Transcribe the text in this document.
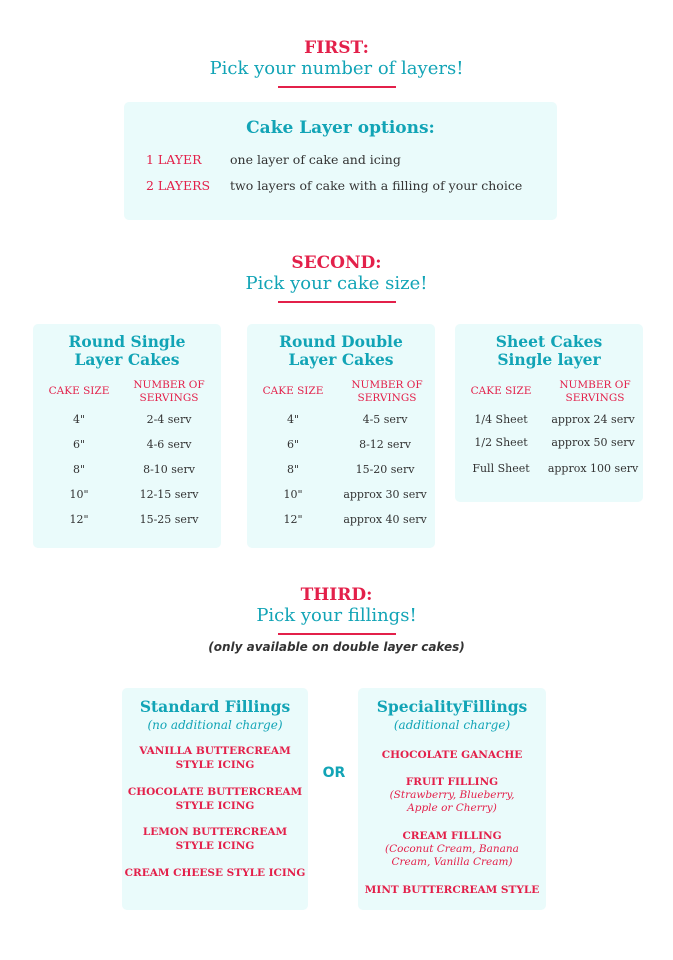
FIRST:
Pick your number of layers!
Cake Layer options:
1 LAYER one layer of cake and icing
2 LAYERS two layers of cake with a filling of your choice
SECOND:
Pick your cake size!
Round Single
Layer Cakes
CAKE SIZE	NUMBER OF
SERVINGS
4"	2-4 serv
6"	4-6 serv
8"	8-10 serv
10"	12-15 serv
12"	15-25 serv
Round Double
Layer Cakes
CAKE SIZE	NUMBER OF
SERVINGS
4"	4-5 serv
6"	8-12 serv
8"	15-20 serv
10"	approx 30 serv
12"	approx 40 serv
Sheet Cakes
Single layer
CAKE SIZE	NUMBER OF
SERVINGS
1/4 Sheet	approx 24 serv
1/2 Sheet	approx 50 serv
Full Sheet	approx 100 serv
THIRD:
Pick your fillings!
(only available on double layer cakes)
Standard Fillings
(no additional charge)
VANILLA BUTTERCREAM
STYLE ICING
CHOCOLATE BUTTERCREAM
STYLE ICING
LEMON BUTTERCREAM
STYLE ICING
CREAM CHEESE STYLE ICING
OR
SpecialityFillings
(additional charge)
CHOCOLATE GANACHE
FRUIT FILLING
(Strawberry, Blueberry,
Apple or Cherry)
CREAM FILLING
(Coconut Cream, Banana
Cream, Vanilla Cream)
MINT BUTTERCREAM STYLE
